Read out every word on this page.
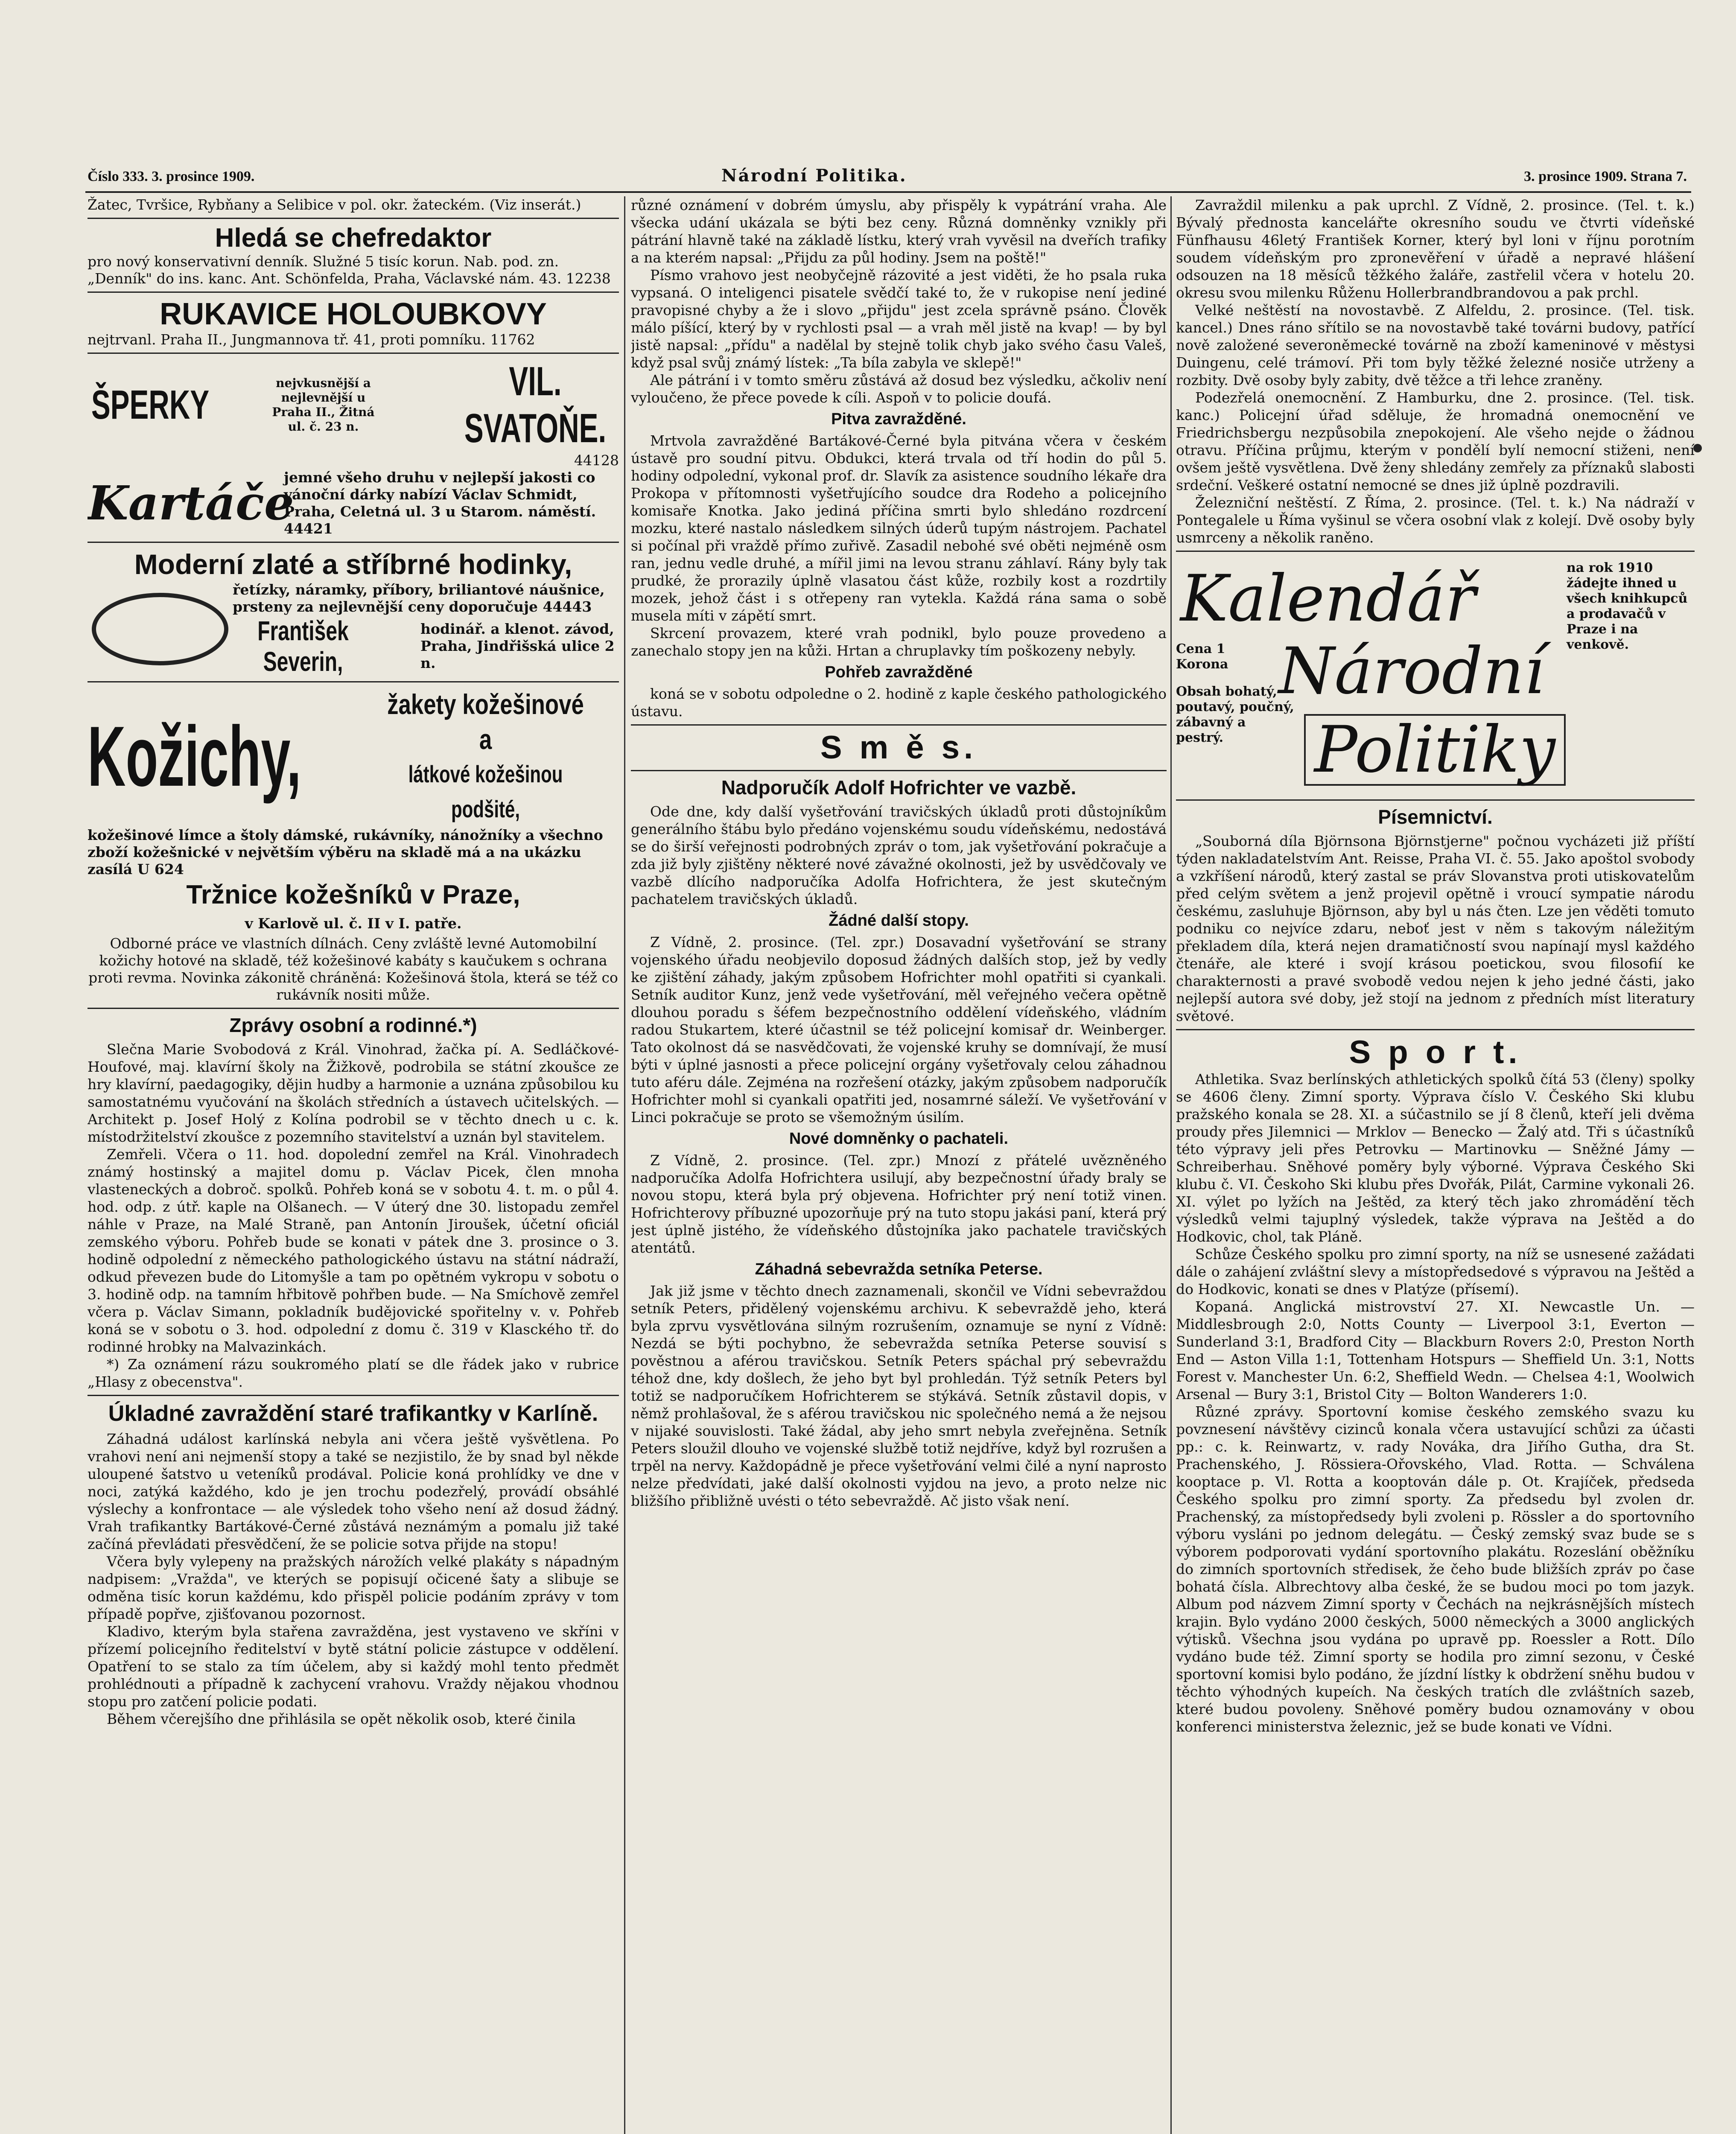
Číslo 333. 3. prosince 1909.	Národní Politika.	3. prosince 1909. Strana 7.
Žatec, Tvršice, Rybňany a Selibice v pol. okr. žateckém. (Viz inserát.)
Hledá se chefredaktor
pro nový konservativní denník. Služné 5 tisíc korun. Nab. pod. zn. „Denník" do ins. kanc. Ant. Schönfelda, Praha, Václavské nám. 43. 12238
RUKAVICE HOLOUBKOVY
nejtrvanl. Praha II., Jungmannova tř. 41, proti pomníku. 11762
ŠPERKY	nejvkusnější a nejlevnější u Praha II., Žitná ul. č. 23 n.
VIL. SVATOŇE.
44128
Kartáče
jemné všeho druhu v nejlepší jakosti co vánoční dárky nabízí Václav Schmidt, Praha, Celetná ul. 3 u Starom. náměstí. 44421
Moderní zlaté a stříbrné hodinky,
řetízky, náramky, příbory, briliantové náušnice, prsteny za nejlevnější ceny doporučuje 44443
František Severin,
hodinář. a klenot. závod, Praha, Jindřišská ulice 2 n.
Kožichy,
žakety kožešinové a
látkové kožešinou podšité,
kožešinové límce a štoly dámské, rukávníky, nánožníky a všechno zboží kožešnické v největším výběru na skladě má a na ukázku zasílá U 624
Tržnice kožešníků v Praze,
v Karlově ul. č. II v I. patře.
Odborné práce ve vlastních dílnách. Ceny zvláště levné Automobilní kožichy hotové na skladě, též kožešinové kabáty s kaučukem s ochrana proti revma. Novinka zákonitě chráněná: Kožešinová štola, která se též co rukávník nositi může.
Zprávy osobní a rodinné.*)

Slečna Marie Svobodová z Král. Vinohrad, žačka pí. A. Sedláčkové-Houfové, maj. klavírní školy na Žižkově, podrobila se státní zkoušce ze hry klavírní, paedagogiky, dějin hudby a harmonie a uznána způsobilou ku samostatnému vyučování na školách středních a ústavech učitelských. — Architekt p. Josef Holý z Kolína podrobil se v těchto dnech u c. k. místodržitelství zkoušce z pozemního stavitelství a uznán byl stavitelem.

Zemřeli. Včera o 11. hod. dopolední zemřel na Král. Vinohradech známý hostinský a majitel domu p. Václav Picek, člen mnoha vlastenеckých a dobroč. spolků. Pohřeb koná se v sobotu 4. t. m. o půl 4. hod. odp. z útř. kaple na Olšanech. — V úterý dne 30. listopadu zemřel náhle v Praze, na Malé Straně, pan Antonín Jiroušek, účetní oficiál zemského výboru. Pohřeb bude se konati v pátek dne 3. prosince o 3. hodině odpolední z německého pathologického ústavu na státní nádraží, odkud převezen bude do Litomyšle a tam po opětném vykropu v sobotu o 3. hodině odp. na tamním hřbitově pohřben bude. — Na Smíchově zemřel včera p. Václav Simann, pokladník budějovické spořitelny v. v. Pohřeb koná se v sobotu o 3. hod. odpolední z domu č. 319 v Klasckého tř. do rodinné hrobky na Malvazinkách.

*) Za oznámení rázu soukromého platí se dle řádek jako v rubrice „Hlasy z obecenstva".

Úkladné zavraždění staré trafikantky v Karlíně.

Záhadná událost karlínská nebyla ani včera ještě vyšvětlena. Po vrahovi není ani nejmenší stopy a také se nezjistilo, že by snad byl někde uloupené šatstvo u veteníků prodával. Policie koná prohlídky ve dne v noci, zatýká každého, kdo je jen trochu podezřelý, provádí obsáhlé výslechy a konfrontace — ale výsledek toho všeho není až dosud žádný. Vrah trafikantky Bartákové-Černé zůstává neznámým a pomalu již také začíná převládati přesvědčení, že se policie sotva přijde na stopu!

Včera byly vylepeny na pražských nárožích velké plakáty s nápadným nadpisem: „Vražda", ve kterých se popisují očicené šaty a slibuje se odměna tisíc korun každému, kdo přispěl policie podáním zprávy v tom případě popřve, zjišťovanou pozornost.

Kladivo, kterým byla stařena zavražděna, jest vystaveno ve skříni v přízemí policejního ředitelství v bytě státní policie zástupce v oddělení. Opatření to se stalo za tím účelem, aby si každý mohl tento předmět prohlédnouti a případně k zachycení vrahovu. Vraždy nějakou vhodnou stopu pro zatčení policie podati.

Během včerejšího dne přihlásila se opět několik osob, které činila

různé oznámení v dobrém úmyslu, aby přispěly k vypátrání vraha. Ale všecka udání ukázala se býti bez ceny. Různá domněnky vznikly při pátrání hlavně také na základě lístku, který vrah vyvěsil na dveřích trafiky a na kterém napsal: „Přijdu za půl hodiny. Jsem na poště!"

Písmo vrahovo jest neobyčejně rázovité a jest viděti, že ho psala ruka vypsaná. O inteligenci pisatele svědčí také to, že v rukopise není jediné pravopisné chyby a že i slovo „přijdu" jest zcela správně psáno. Člověk málo píšící, který by v rychlosti psal — a vrah měl jistě na kvap! — by byl jistě napsal: „přídu" a nadělal by stejně tolik chyb jako svého času Valeš, když psal svůj známý lístek: „Ta bíla zabyla ve sklepě!"

Ale pátrání i v tomto směru zůstává až dosud bez výsledku, ačkoliv není vyloučeno, že přece povede k cíli. Aspoň v to policie doufá.

Pitva zavražděné.

Mrtvola zavražděné Bartákové-Černé byla pitvána včera v českém ústavě pro soudní pitvu. Obdukci, která trvala od tří hodin do půl 5. hodiny odpolední, vykonal prof. dr. Slavík za asistence soudního lékaře dra Prokopa v přítomnosti vyšetřujícího soudce dra Rodeho a policejního komisaře Knotka. Jako jediná příčina smrti bylo shledáno rozdrcení mozku, které nastalo následkem silných úderů tupým nástrojem. Pachatel si počínal při vraždě přímo zuřivě. Zasadil nebohé své oběti nejméně osm ran, jednu vedle druhé, a mířil jimi na levou stranu záhlaví. Rány byly tak prudké, že prorazily úplně vlasatou část kůže, rozbily kost a rozdrtily mozek, jehož část i s otřepeny ran vytekla. Každá rána sama o sobě musela míti v zápětí smrt.

Skrcení provazem, které vrah podnikl, bylo pouze provedeno a zanechalo stopy jen na kůži. Hrtan a chruplavky tím poškozeny nebyly.

Pohřeb zavražděné

koná se v sobotu odpoledne o 2. hodině z kaple českého pathologického ústavu.

S m ě s.
Nadporučík Adolf Hofrichter ve vazbě.

Ode dne, kdy další vyšetřování travičských úkladů proti důstojníkům generálního štábu bylo předáno vojenskému soudu vídeňskému, nedostává se do širší veřejnosti podrobných zpráv o tom, jak vyšetřování pokračuje a zda již byly zjištěny některé nové závažné okolnosti, jež by usvědčovaly ve vazbě dlícího nadporučíka Adolfa Hofrichtera, že jest skutečným pachatelem travičských úkladů.

Žádné další stopy.

Z Vídně, 2. prosince. (Tel. zpr.) Dosavadní vyšetřování se strany vojenského úřadu neobjevilo doposud žádných dalších stop, jež by vedly ke zjištění záhady, jakým způsobem Hofrichter mohl opatřiti si cyankali. Setník auditor Kunz, jenž vede vyšetřování, měl veřejného večera opětně dlouhou poradu s šéfem bezpečnostního oddělení vídeňského, vládním radou Stukartem, které účastnil se též policejní komisař dr. Weinberger. Tato okolnost dá se nasvědčovati, že vojenské kruhy se domnívají, že musí býti v úplné jasnosti a přece policejní orgány vyšetřovaly celou záhadnou tuto aféru dále. Zejména na rozřešení otázky, jakým způsobem nadporučík Hofrichter mohl si cyankali opatřiti jed, nosamrné sáleží. Ve vyšetřování v Linci pokračuje se proto se všemožným úsilím.

Nové domněnky o pachateli.

Z Vídně, 2. prosince. (Tel. zpr.) Mnozí z přátelé uvězněného nadporučíka Adolfa Hofrichtera usilují, aby bezpečnostní úřady braly se novou stopu, která byla prý objevena. Hofrichter prý není totiž vinen. Hofrichterovy příbuzné upozorňuje prý na tuto stopu jakási paní, která prý jest úplně jistého, že vídeňského důstojníka jako pachatele travičských atentátů.

Záhadná sebevražda setníka Peterse.

Jak již jsme v těchto dnech zaznamenali, skončil ve Vídni sebevraždou setník Peters, přidělený vojenskému archivu. K sebevraždě jeho, která byla zprvu vysvětlována silným rozrušením, oznamuje se nyní z Vídně: Nezdá se býti pochybno, že sebevražda setníka Peterse souvisí s pověstnou a aférou travičskou. Setník Peters spáchal prý sebevraždu téhož dne, kdy došlech, že jeho byt byl prohledán. Týž setník Peters byl totiž se nadporučíkem Hofrichterem se stýkává. Setník zůstavil dopis, v němž prohlašoval, že s aférou travičskou nic společného nemá a že nejsou v nijaké souvislosti. Také žádal, aby jeho smrt nebyla zveřejněna. Setník Peters sloužil dlouho ve vojenské službě totiž nejdříve, když byl rozrušen a trpěl na nervy. Každopádně je přece vyšetřování velmi čilé a nyní naprosto nelze předvídati, jaké další okolnosti vyjdou na jevo, a proto nelze nic bližšího přibližně uvésti o této sebevraždě. Ač jisto však není.

Zavraždil milenku a pak uprchl. Z Vídně, 2. prosince. (Tel. t. k.) Bývalý přednosta kancelářte okresního soudu ve čtvrti vídeňské Fünfhausu 46letý František Korner, který byl loni v říjnu porotním soudem vídeňským pro zpronevěření v úřadě a nepravé hlášení odsouzen na 18 měsíců těžkého žaláře, zastřelil včera v hotelu 20. okresu svou milenku Růženu Hollerbrandbrandovou a pak prchl.

Velké neštěstí na novostavbě. Z Alfeldu, 2. prosince. (Tel. tisk. kancel.) Dnes ráno sřítilo se na novostavbě také továrni budovy, patřící nově založené severoněmecké továrně na zboží kameninové v městysi Duingenu, celé trámoví. Při tom byly těžké železné nosiče utrženy a rozbity. Dvě osoby byly zabity, dvě těžce a tři lehce zraněny.

Podezřelá onemocnění. Z Hamburku, dne 2. prosince. (Tel. tisk. kanc.) Policejní úřad sděluje, že hromadná onemocnění ve Friedrichsbergu nezpůsobila znepokojení. Ale všeho nejde o žádnou otravu. Příčina průjmu, kterým v pondělí bylí nemocní stiženi, není ovšem ještě vysvětlena. Dvě ženy shledány zemřely za příznaků slabosti srdeční. Veškeré ostatní nemocné se dnes již úplně pozdravili.

Železniční neštěstí. Z Říma, 2. prosince. (Tel. t. k.) Na nádraží v Pontegalele u Říma vyšinul se včera osobní vlak z kolejí. Dvě osoby byly usmrceny a několik raněno.

Kalendář	na rok 1910 žádejte ihned u všech knihkupců a prodavačů v Praze i na venkově.
Cena 1 Korona Národní
Obsah bohatý, poutavý, poučný, zábavný a pestrý.	Politiky
Písemnictví.

„Souborná díla Björnsona Björnstjerne" počnou vycházeti již příští týden nakladatelstvím Ant. Reisse, Praha VI. č. 55. Jako apoštol svobody a vzkříšení národů, který zastal se práv Slovanstva proti utiskovatelům před celým světem a jenž projevil opětně i vroucí sympatie národu českému, zasluhuje Björnson, aby byl u nás čten. Lze jen věděti tomuto podniku co nejvíce zdaru, neboť jest v něm s takovým náležitým překladem díla, která nejen dramatičností svou napínají mysl každého čtenáře, ale které i svojí krásou poetickou, svou filosofií ke charakternosti a pravé svobodě vedou nejen k jeho jedné části, jako nejlepší autora své doby, jež stojí na jednom z předních míst literatury světové.

S p o r t.

Athletika. Svaz berlínských athletických spolků čítá 53 (členy) spolky se 4606 členy. Zimní sporty. Výprava číslo V. Českého Ski klubu pražského konala se 28. XI. a súčastnilo se jí 8 členů, kteří jeli dvěma proudy přes Jilemnici — Mrklov — Benecko — Žalý atd. Tři s účastníků této výpravy jeli přes Petrovku — Martinovku — Sněžné Jámy — Schreiberhau. Sněhové poměry byly výborné. Výprava Českého Ski klubu č. VI. Českoho Ski klubu přes Dvořák, Pilát, Carmine vykonali 26. XI. výlet po lyžích na Ještěd, za který těch jako zhromádění těch výsledků velmi tajuplný výsledek, takže výprava na Ještěd a do Hodkovic, chol, tak Pláně.

Schůze Českého spolku pro zimní sporty, na níž se usnesené zažádati dále o zahájení zvláštní slevy a místopředsedové s výpravou na Ještěd a do Hodkovic, konati se dnes v Platýze (přísemí).

Kopaná. Anglická mistrovství 27. XI. Newcastle Un. — Middlesbrough 2:0, Notts County — Liverpool 3:1, Everton — Sunderland 3:1, Bradford City — Blackburn Rovers 2:0, Preston North End — Aston Villa 1:1, Tottenham Hotspurs — Sheffield Un. 3:1, Notts Forest v. Manchester Un. 6:2, Sheffield Wedn. — Chelsea 4:1, Woolwich Arsenal — Bury 3:1, Bristol City — Bolton Wanderers 1:0.

Různé zprávy. Sportovní komise českého zemského svazu ku povznesení návštěvy cizinců konala včera ustavující schůzi za účasti pp.: c. k. Reinwartz, v. rady Nováka, dra Jiřího Gutha, dra St. Prachenského, J. Rössiera-Ořovského, Vlad. Rotta. — Schválena kooptace p. Vl. Rotta a kooptován dále p. Ot. Krajíček, předseda Českého spolku pro zimní sporty. Za předsedu byl zvolen dr. Prachenský, za místopředsedy byli zvoleni p. Rössler a do sportovního výboru vysláni po jednom delegátu. — Český zemský svaz bude se s výborem podporovati vydání sportovního plakátu. Rozeslání oběžníku do zimních sportovních středisek, že čeho bude bližších zpráv po čase bohatá čísla. Albrechtovy alba české, že se budou moci po tom jazyk. Album pod názvem Zimní sporty v Čechách na nejkrásnějších místech krajin. Bylo vydáno 2000 českých, 5000 německých a 3000 anglických výtisků. Všechna jsou vydána po upravě pp. Roessler a Rott. Dílo vydáno bude též. Zimní sporty se hodila pro zimní sezonu, v České sportovní komisi bylo podáno, že jízdní lístky k obdržení sněhu budou v těchto výhodných kupeích. Na českých tratích dle zvláštních sazeb, které budou povoleny. Sněhové poměry budou oznamovány v obou konferenci ministerstva železnic, jež se bude konati ve Vídni.
